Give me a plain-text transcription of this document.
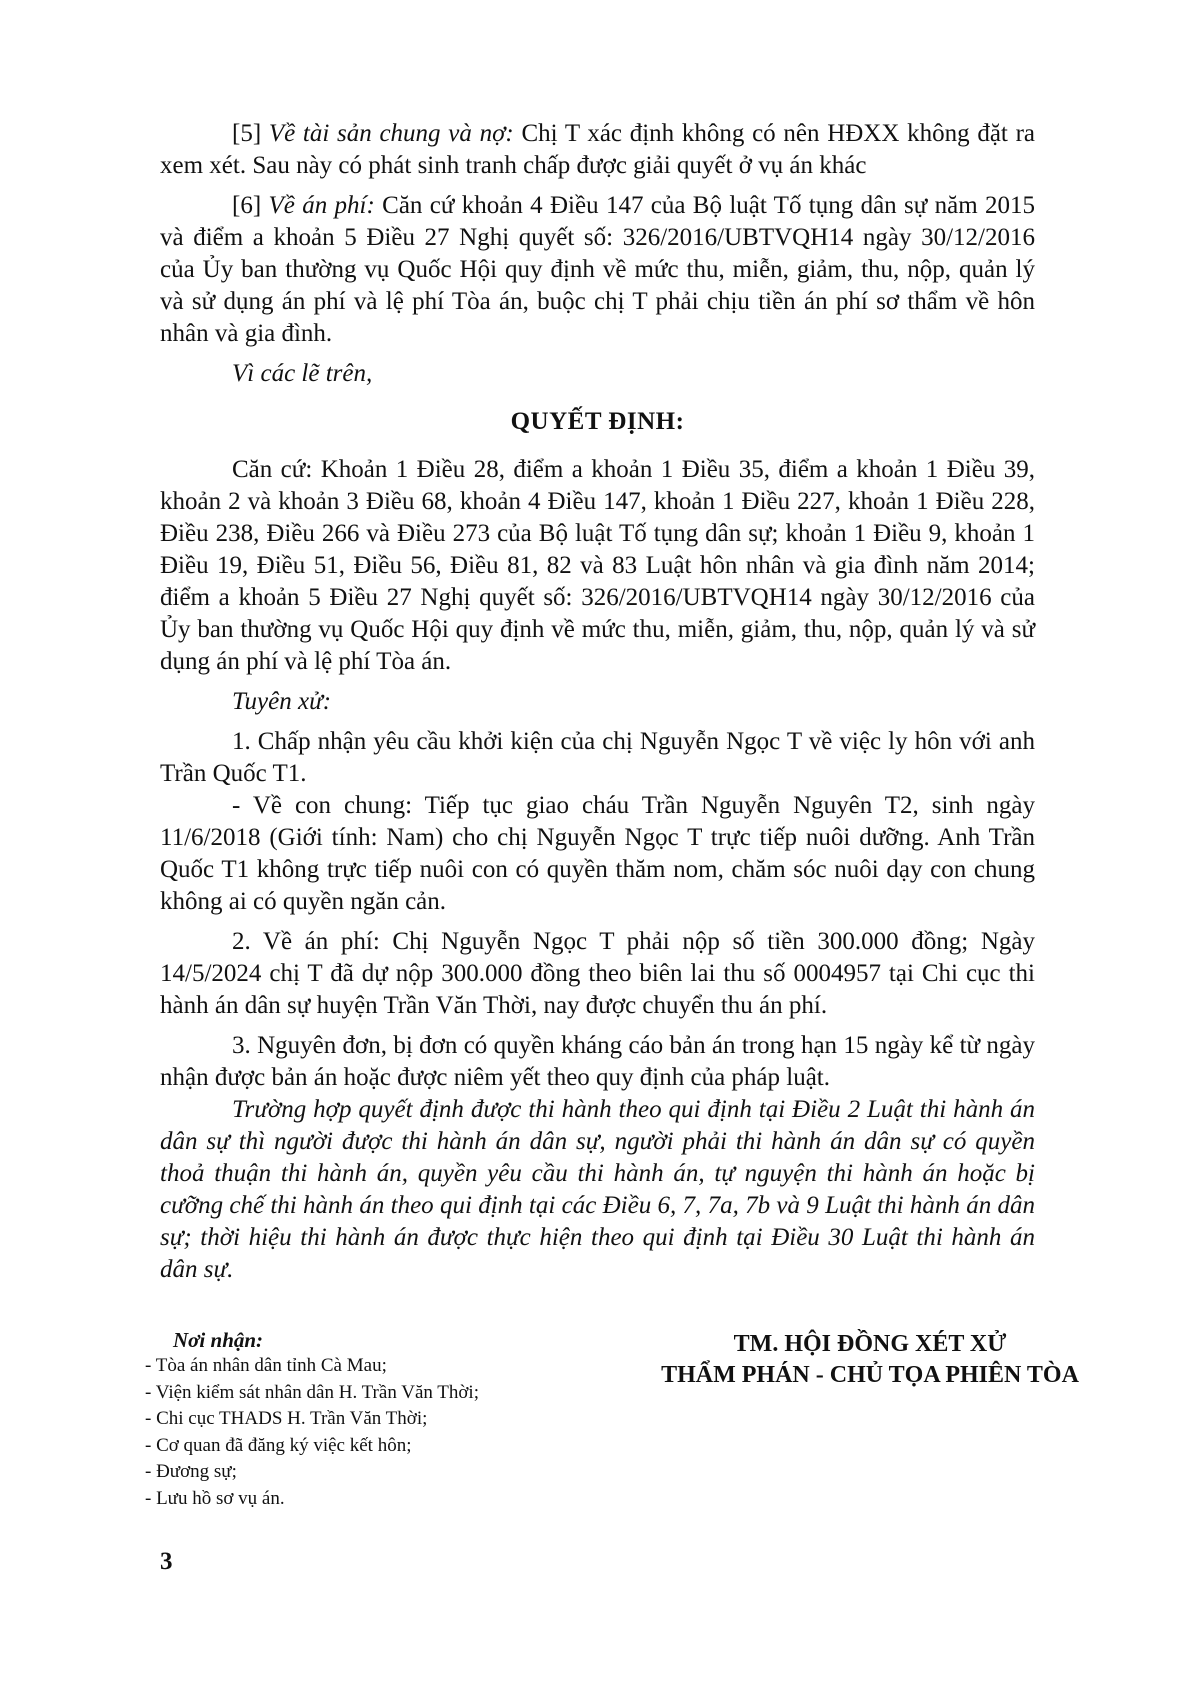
[5] Về tài sản chung và nợ: Chị T xác định không có nên HĐXX không đặt ra xem xét. Sau này có phát sinh tranh chấp được giải quyết ở vụ án khác

[6] Về án phí: Căn cứ khoản 4 Điều 147 của Bộ luật Tố tụng dân sự năm 2015 và điểm a khoản 5 Điều 27 Nghị quyết số: 326/2016/UBTVQH14 ngày 30/12/2016 của Ủy ban thường vụ Quốc Hội quy định về mức thu, miễn, giảm, thu, nộp, quản lý và sử dụng án phí và lệ phí Tòa án, buộc chị T phải chịu tiền án phí sơ thẩm về hôn nhân và gia đình.

Vì các lẽ trên,

QUYẾT ĐỊNH:

Căn cứ: Khoản 1 Điều 28, điểm a khoản 1 Điều 35, điểm a khoản 1 Điều 39, khoản 2 và khoản 3 Điều 68, khoản 4 Điều 147, khoản 1 Điều 227, khoản 1 Điều 228, Điều 238, Điều 266 và Điều 273 của Bộ luật Tố tụng dân sự; khoản 1 Điều 9, khoản 1 Điều 19, Điều 51, Điều 56, Điều 81, 82 và 83 Luật hôn nhân và gia đình năm 2014; điểm a khoản 5 Điều 27 Nghị quyết số: 326/2016/UBTVQH14 ngày 30/12/2016 của Ủy ban thường vụ Quốc Hội quy định về mức thu, miễn, giảm, thu, nộp, quản lý và sử dụng án phí và lệ phí Tòa án.

Tuyên xử:

1. Chấp nhận yêu cầu khởi kiện của chị Nguyễn Ngọc T về việc ly hôn với anh Trần Quốc T1.

- Về con chung: Tiếp tục giao cháu Trần Nguyễn Nguyên T2, sinh ngày 11/6/2018 (Giới tính: Nam) cho chị Nguyễn Ngọc T trực tiếp nuôi dưỡng. Anh Trần Quốc T1 không trực tiếp nuôi con có quyền thăm nom, chăm sóc nuôi dạy con chung không ai có quyền ngăn cản.

2. Về án phí: Chị Nguyễn Ngọc T phải nộp số tiền 300.000 đồng; Ngày 14/5/2024 chị T đã dự nộp 300.000 đồng theo biên lai thu số 0004957 tại Chi cục thi hành án dân sự huyện Trần Văn Thời, nay được chuyển thu án phí.

3. Nguyên đơn, bị đơn có quyền kháng cáo bản án trong hạn 15 ngày kể từ ngày nhận được bản án hoặc được niêm yết theo quy định của pháp luật.

Trường hợp quyết định được thi hành theo qui định tại Điều 2 Luật thi hành án dân sự thì người được thi hành án dân sự, người phải thi hành án dân sự có quyền thoả thuận thi hành án, quyền yêu cầu thi hành án, tự nguyện thi hành án hoặc bị cưỡng chế thi hành án theo qui định tại các Điều 6, 7, 7a, 7b và 9 Luật thi hành án dân sự; thời hiệu thi hành án được thực hiện theo qui định tại Điều 30 Luật thi hành án dân sự.

Nơi nhận:

- Tòa án nhân dân tỉnh Cà Mau;
- Viện kiểm sát nhân dân H. Trần Văn Thời;
- Chi cục THADS H. Trần Văn Thời;
- Cơ quan đã đăng ký việc kết hôn;
- Đương sự;
- Lưu hồ sơ vụ án.
TM. HỘI ĐỒNG XÉT XỬ
THẨM PHÁN - CHỦ TỌA PHIÊN TÒA
3
